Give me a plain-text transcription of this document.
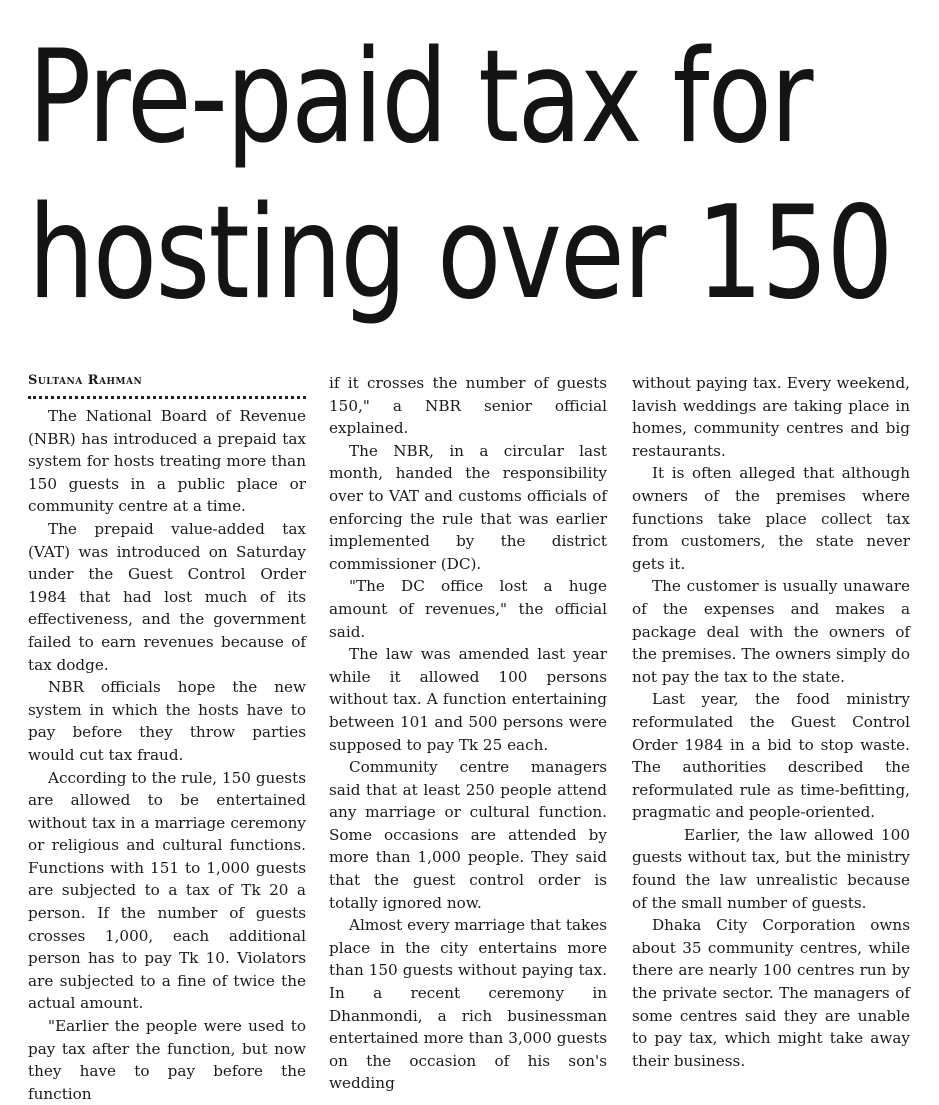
Pre-paid tax for
hosting over 150
Sultana Rahman

The National Board of Revenue (NBR) has introduced a prepaid tax system for hosts treating more than 150 guests in a public place or community centre at a time.

The prepaid value-added tax (VAT) was introduced on Saturday under the Guest Control Order 1984 that had lost much of its effectiveness, and the government failed to earn revenues because of tax dodge.

NBR officials hope the new system in which the hosts have to pay before they throw parties would cut tax fraud.

According to the rule, 150 guests are allowed to be entertained without tax in a marriage ceremony or religious and cultural functions. Functions with 151 to 1,000 guests are subjected to a tax of Tk 20 a person. If the number of guests crosses 1,000, each additional person has to pay Tk 10. Violators are subjected to a fine of twice the actual amount.

"Earlier the people were used to pay tax after the function, but now they have to pay before the function

if it crosses the number of guests 150," a NBR senior official explained.

The NBR, in a circular last month, handed the responsibility over to VAT and customs officials of enforcing the rule that was earlier implemented by the district commissioner (DC).

"The DC office lost a huge amount of revenues," the official said.

The law was amended last year while it allowed 100 persons without tax. A function entertaining between 101 and 500 persons were supposed to pay Tk 25 each.

Community centre managers said that at least 250 people attend any marriage or cultural function. Some occasions are attended by more than 1,000 people. They said that the guest control order is totally ignored now.

Almost every marriage that takes place in the city entertains more than 150 guests without paying tax. In a recent ceremony in Dhanmondi, a rich businessman entertained more than 3,000 guests on the occasion of his son's wedding

without paying tax. Every weekend, lavish weddings are taking place in homes, community centres and big restaurants.

It is often alleged that although owners of the premises where functions take place collect tax from customers, the state never gets it.

The customer is usually unaware of the expenses and makes a package deal with the owners of the premises. The owners simply do not pay the tax to the state.

Last year, the food ministry reformulated the Guest Control Order 1984 in a bid to stop waste. The authorities described the reformulated rule as time-befitting, pragmatic and people-oriented.

Earlier, the law allowed 100 guests without tax, but the ministry found the law unrealistic because of the small number of guests.

Dhaka City Corporation owns about 35 community centres, while there are nearly 100 centres run by the private sector. The managers of some centres said they are unable to pay tax, which might take away their business.
